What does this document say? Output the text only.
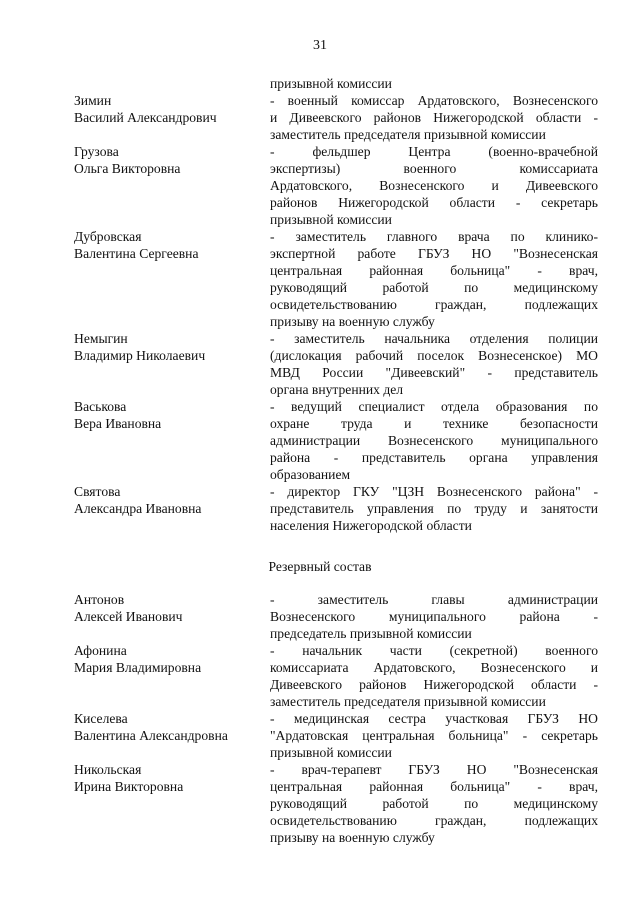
31
призывной комиссии
Зимин
Василий Александрович
- военный комиссар Ардатовского, Вознесенского
и Дивеевского районов Нижегородской области -
заместитель председателя призывной комиссии
Грузова
Ольга Викторовна
- фельдшер Центра (военно-врачебной
экспертизы) военного комиссариата
Ардатовского, Вознесенского и Дивеевского
районов Нижегородской области - секретарь
призывной комиссии
Дубровская
Валентина Сергеевна
- заместитель главного врача по клинико-
экспертной работе ГБУЗ НО "Вознесенская
центральная районная больница" - врач,
руководящий работой по медицинскому
освидетельствованию граждан, подлежащих
призыву на военную службу
Немыгин
Владимир Николаевич
- заместитель начальника отделения полиции
(дислокация рабочий поселок Вознесенское) МО
МВД России "Дивеевский" - представитель
органа внутренних дел
Васькова
Вера Ивановна
- ведущий специалист отдела образования по
охране труда и технике безопасности
администрации Вознесенского муниципального
района - представитель органа управления
образованием
Святова
Александра Ивановна
- директор ГКУ "ЦЗН Вознесенского района" -
представитель управления по труду и занятости
населения Нижегородской области
Резервный состав
Антонов
Алексей Иванович
- заместитель главы администрации
Вознесенского муниципального района -
председатель призывной комиссии
Афонина
Мария Владимировна
- начальник части (секретной) военного
комиссариата Ардатовского, Вознесенского и
Дивеевского районов Нижегородской области -
заместитель председателя призывной комиссии
Киселева
Валентина Александровна
- медицинская сестра участковая ГБУЗ НО
"Ардатовская центральная больница" - секретарь
призывной комиссии
Никольская
Ирина Викторовна
- врач-терапевт ГБУЗ НО "Вознесенская
центральная районная больница" - врач,
руководящий работой по медицинскому
освидетельствованию граждан, подлежащих
призыву на военную службу
